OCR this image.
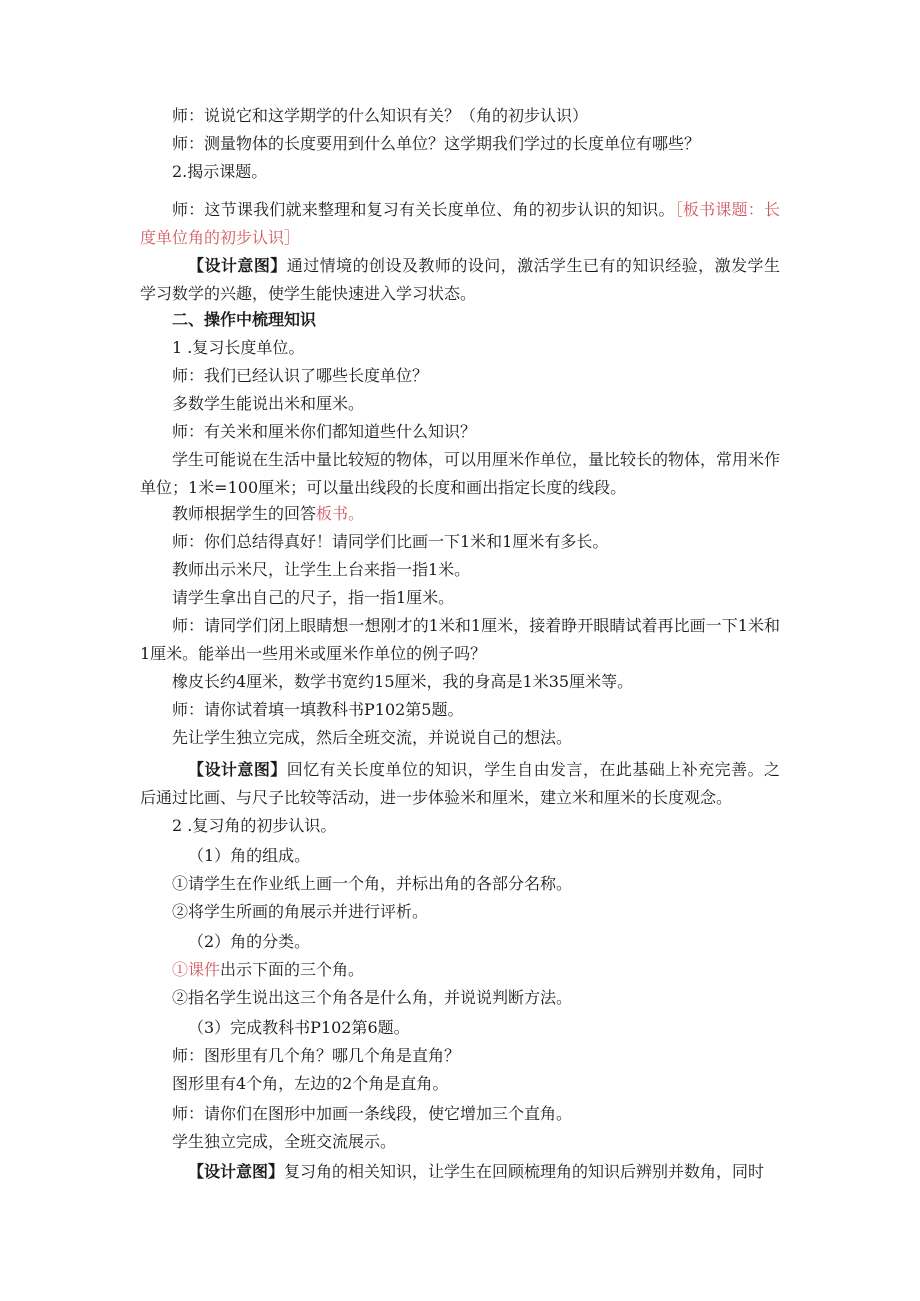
师：说说它和这学期学的什么知识有关？（角的初步认识）
师：测量物体的长度要用到什么单位？这学期我们学过的长度单位有哪些？
2.揭示课题。
师：这节课我们就来整理和复习有关长度单位、角的初步认识的知识。［板书课题：长度单位角的初步认识］
【设计意图】通过情境的创设及教师的设问，激活学生已有的知识经验，激发学生学习数学的兴趣，使学生能快速进入学习状态。
二、操作中梳理知识
1 .复习长度单位。
师：我们已经认识了哪些长度单位？
多数学生能说出米和厘米。
师：有关米和厘米你们都知道些什么知识？
学生可能说在生活中量比较短的物体，可以用厘米作单位，量比较长的物体，常用米作单位；1米=100厘米；可以量出线段的长度和画出指定长度的线段。
教师根据学生的回答板书。
师：你们总结得真好！请同学们比画一下1米和1厘米有多长。
教师出示米尺，让学生上台来指一指1米。
请学生拿出自己的尺子，指一指1厘米。
师：请同学们闭上眼睛想一想刚才的1米和1厘米，接着睁开眼睛试着再比画一下1米和1厘米。能举出一些用米或厘米作单位的例子吗？
橡皮长约4厘米，数学书宽约15厘米，我的身高是1米35厘米等。
师：请你试着填一填教科书P102第5题。
先让学生独立完成，然后全班交流，并说说自己的想法。
【设计意图】回忆有关长度单位的知识，学生自由发言，在此基础上补充完善。之后通过比画、与尺子比较等活动，进一步体验米和厘米，建立米和厘米的长度观念。
2 .复习角的初步认识。
（1）角的组成。
①请学生在作业纸上画一个角，并标出角的各部分名称。
②将学生所画的角展示并进行评析。
（2）角的分类。
①课件出示下面的三个角。
②指名学生说出这三个角各是什么角，并说说判断方法。
（3）完成教科书P102第6题。
师：图形里有几个角？哪几个角是直角？
图形里有4个角，左边的2个角是直角。
师：请你们在图形中加画一条线段，使它增加三个直角。
学生独立完成，全班交流展示。
【设计意图】复习角的相关知识，让学生在回顾梳理角的知识后辨别并数角，同时
